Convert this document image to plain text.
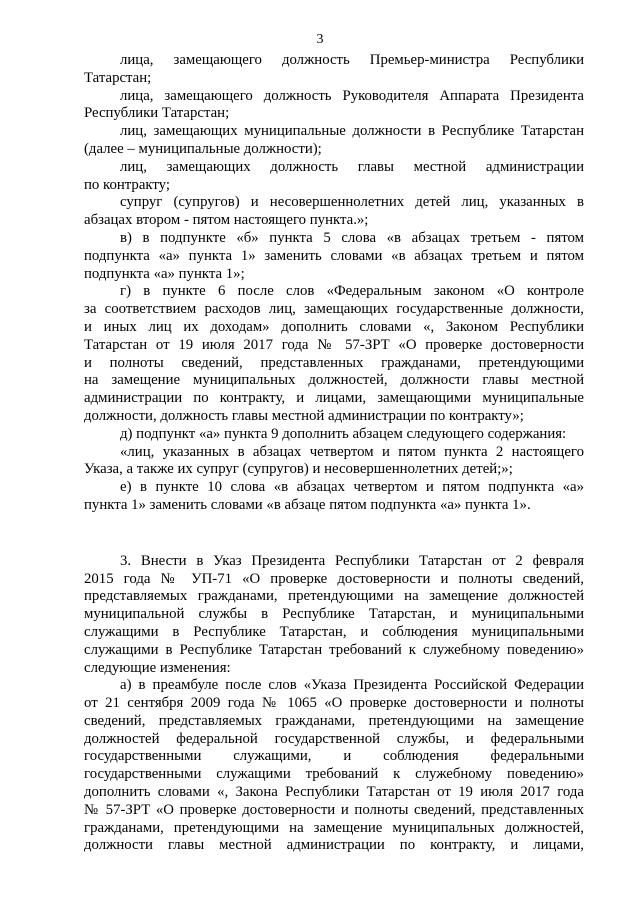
3
лица, замещающего должность Премьер-министра Республики
Татарстан;
лица, замещающего должность Руководителя Аппарата Президента
Республики Татарстан;
лиц, замещающих муниципальные должности в Республике Татарстан
(далее – муниципальные должности);
лиц, замещающих должность главы местной администрации
по контракту;
супруг (супругов) и несовершеннолетних детей лиц, указанных в
абзацах втором - пятом настоящего пункта.»;
в) в подпункте «б» пункта 5 слова «в абзацах третьем - пятом
подпункта «а» пункта 1» заменить словами «в абзацах третьем и пятом
подпункта «а» пункта 1»;
г) в пункте 6 после слов «Федеральным законом «О контроле
за соответствием расходов лиц, замещающих государственные должности,
и иных лиц их доходам» дополнить словами «, Законом Республики
Татарстан от 19 июля 2017 года № 57-ЗРТ «О проверке достоверности
и полноты сведений, представленных гражданами, претендующими
на замещение муниципальных должностей, должности главы местной
администрации по контракту, и лицами, замещающими муниципальные
должности, должность главы местной администрации по контракту»;
д) подпункт «а» пункта 9 дополнить абзацем следующего содержания:
«лиц, указанных в абзацах четвертом и пятом пункта 2 настоящего
Указа, а также их супруг (супругов) и несовершеннолетних детей;»;
е) в пункте 10 слова «в абзацах четвертом и пятом подпункта «а»
пункта 1» заменить словами «в абзаце пятом подпункта «а» пункта 1».
3. Внести в Указ Президента Республики Татарстан от 2 февраля
2015 года № УП-71 «О проверке достоверности и полноты сведений,
представляемых гражданами, претендующими на замещение должностей
муниципальной службы в Республике Татарстан, и муниципальными
служащими в Республике Татарстан, и соблюдения муниципальными
служащими в Республике Татарстан требований к служебному поведению»
следующие изменения:
а) в преамбуле после слов «Указа Президента Российской Федерации
от 21 сентября 2009 года № 1065 «О проверке достоверности и полноты
сведений, представляемых гражданами, претендующими на замещение
должностей федеральной государственной службы, и федеральными
государственными служащими, и соблюдения федеральными
государственными служащими требований к служебному поведению»
дополнить словами «, Закона Республики Татарстан от 19 июля 2017 года
№ 57-ЗРТ «О проверке достоверности и полноты сведений, представленных
гражданами, претендующими на замещение муниципальных должностей,
должности главы местной администрации по контракту, и лицами,
